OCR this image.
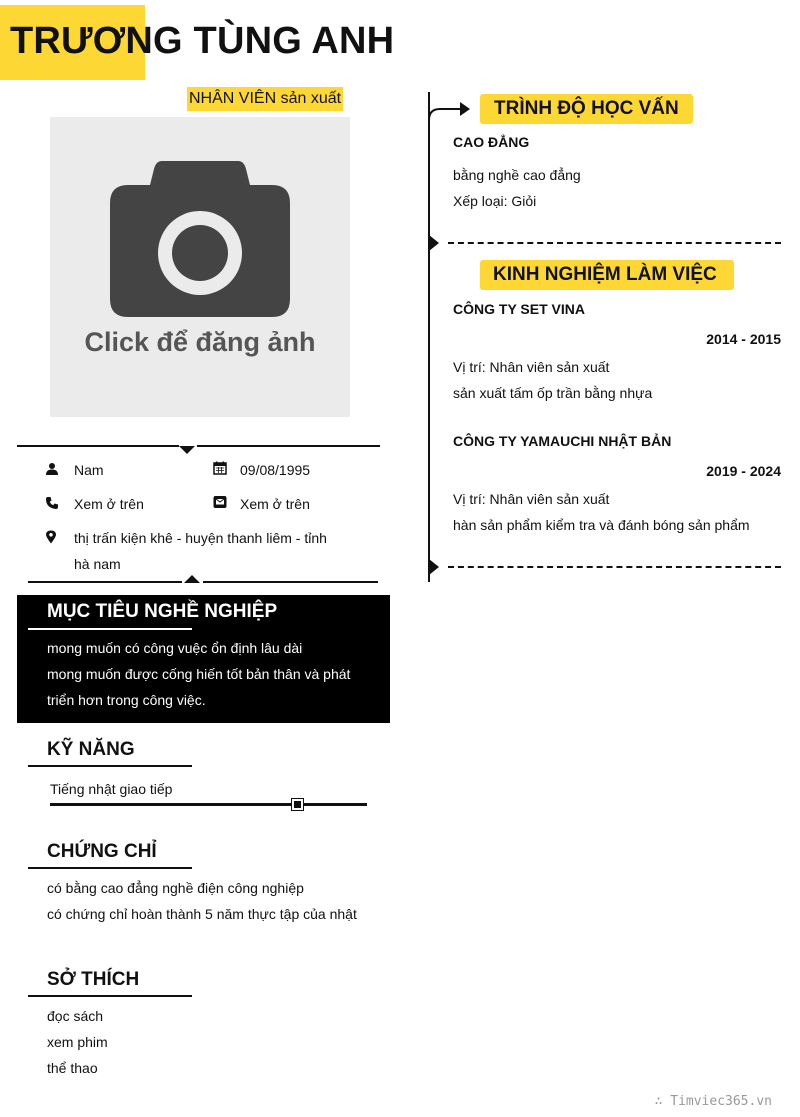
TRƯƠNG TÙNG ANH
NHÂN VIÊN sản xuất
Click để đăng ảnh
Nam	09/08/1995
Xem ở trên	Xem ở trên
thị trấn kiện khê - huyện thanh liêm - tỉnh
hà nam
MỤC TIÊU NGHỀ NGHIỆP
mong muốn có công vuệc ổn định lâu dài
mong muốn được cống hiến tốt bản thân và phát
triển hơn trong công việc.
KỸ NĂNG
Tiếng nhật giao tiếp
CHỨNG CHỈ
có bằng cao đẳng nghề điện công nghiệp
có chứng chỉ hoàn thành 5 năm thực tập của nhật
SỞ THÍCH
đọc sách
xem phim
thể thao
TRÌNH ĐỘ HỌC VẤN
CAO ĐẲNG
bằng nghề cao đẳng
Xếp loại: Giỏi
KINH NGHIỆM LÀM VIỆC
CÔNG TY SET VINA
2014 - 2015
Vị trí: Nhân viên sản xuất
sản xuất tấm ốp trần bằng nhựa
CÔNG TY YAMAUCHI NHẬT BẢN
2019 - 2024
Vị trí: Nhân viên sản xuất
hàn sản phẩm kiểm tra và đánh bóng sản phẩm
∴ Timviec365.vn
